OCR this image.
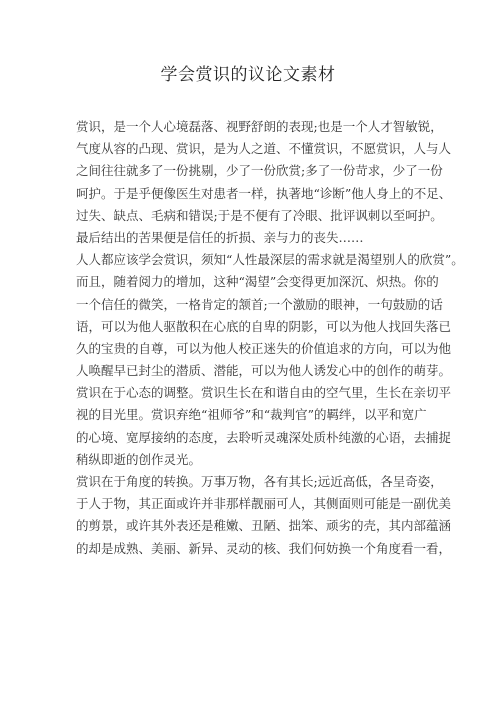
学会赏识的议论文素材
赏识，是一个人心境磊落、视野舒朗的表现;也是一个人才智敏锐，
气度从容的凸现、赏识，是为人之道、不懂赏识，不愿赏识，人与人
之间往往就多了一份挑剔，少了一份欣赏;多了一份苛求，少了一份
呵护。于是乎便像医生对患者一样，执著地“诊断”他人身上的不足、
过失、缺点、毛病和错误;于是不便有了冷眼、批评讽刺以至呵护。
最后结出的苦果便是信任的折损、亲与力的丧失……
人人都应该学会赏识，须知“人性最深层的需求就是渴望别人的欣赏”。
而且，随着阅力的增加，这种“渴望”会变得更加深沉、炽热。你的
一个信任的微笑，一格肯定的颔首;一个激励的眼神，一句鼓励的话
语，可以为他人驱散积在心底的自卑的阴影，可以为他人找回失落已
久的宝贵的自尊，可以为他人校正迷失的价值追求的方向，可以为他
人唤醒早已封尘的潜质、潜能，可以为他人诱发心中的创作的萌芽。
赏识在于心态的调整。赏识生长在和谐自由的空气里，生长在亲切平
视的目光里。赏识弃绝“祖师爷”和“裁判官”的羁绊，以平和宽广
的心境、宽厚接纳的态度，去聆听灵魂深处质朴纯激的心语，去捕捉
稍纵即逝的创作灵光。
赏识在于角度的转换。万事万物，各有其长;远近高低，各呈奇姿，
于人于物，其正面或许并非那样靓丽可人，其侧面则可能是一副优美
的剪景，或许其外表还是稚嫩、丑陋、拙笨、顽劣的壳，其内部蕴涵
的却是成熟、美丽、新异、灵动的核、我们何妨换一个角度看一看，
